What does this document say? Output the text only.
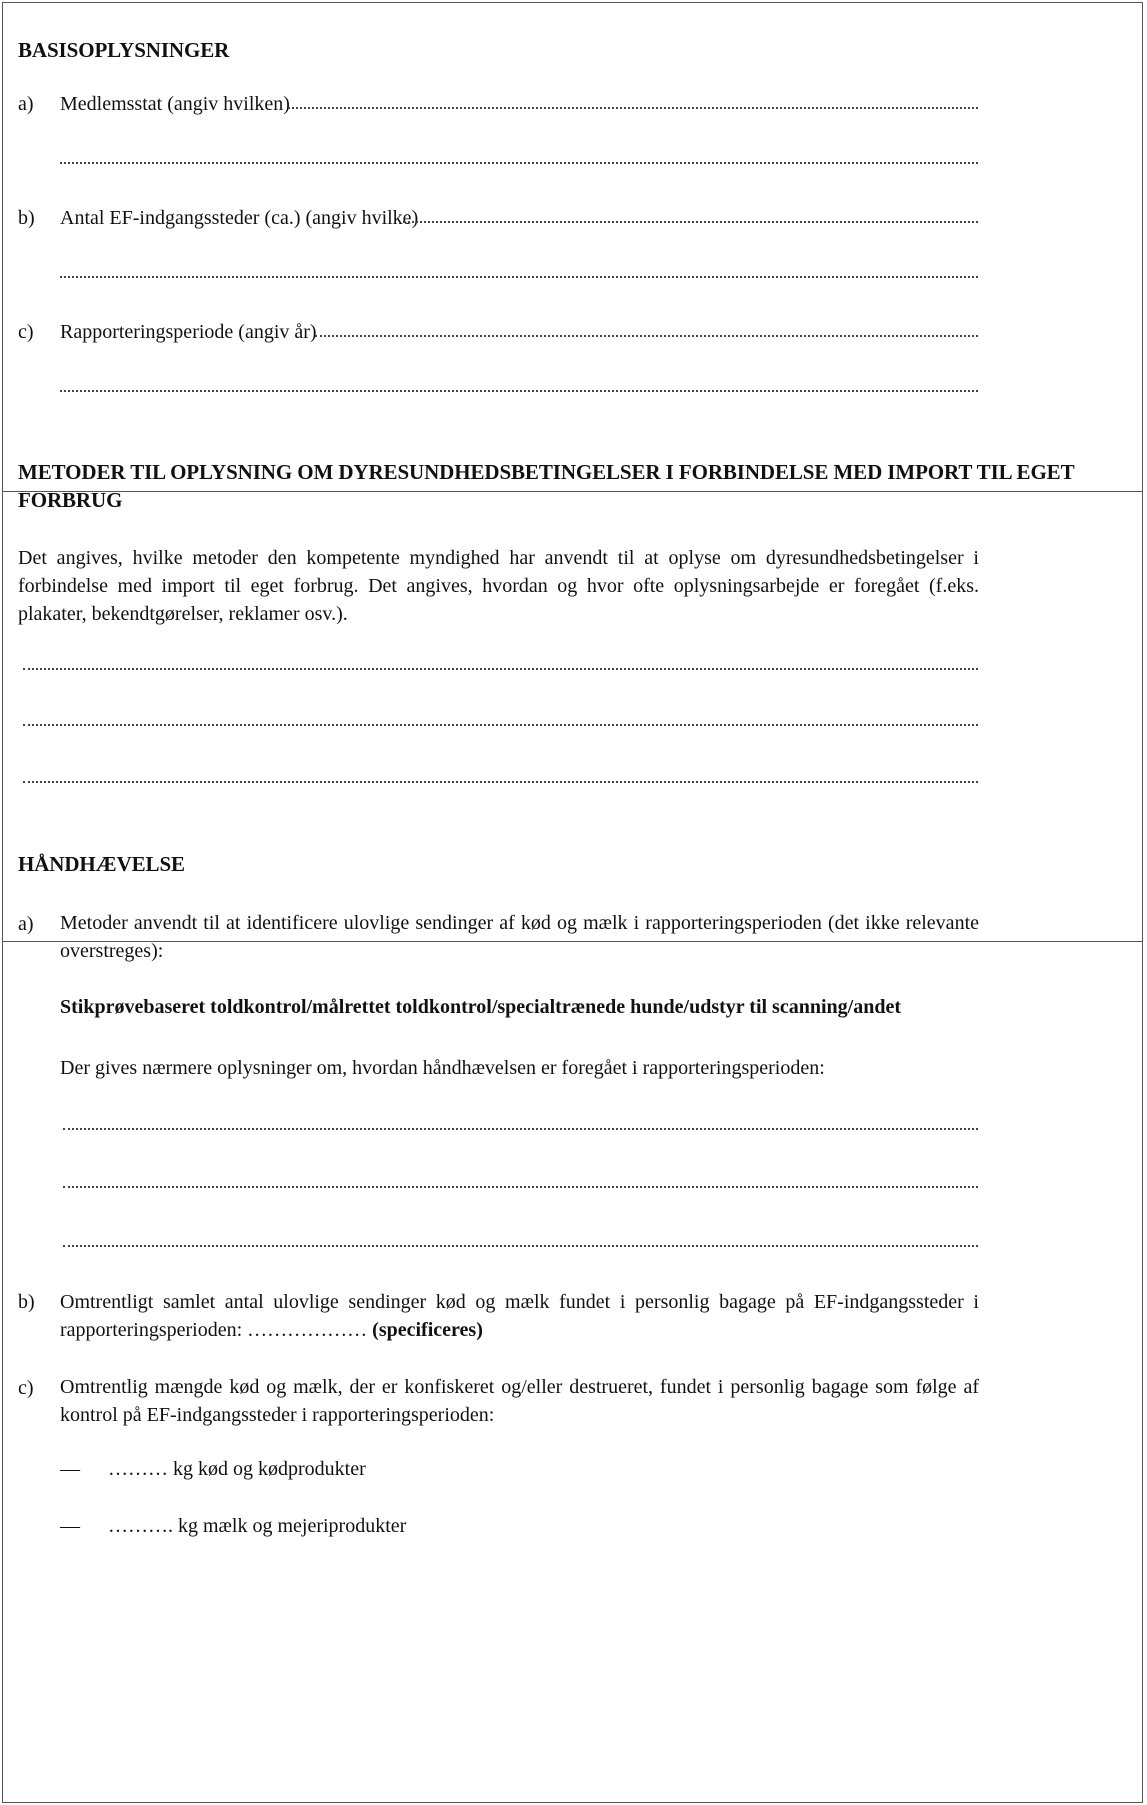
BASISOPLYSNINGER
a) Medlemsstat (angiv hvilken)
b) Antal EF-indgangssteder (ca.) (angiv hvilke)
c) Rapporteringsperiode (angiv år)
METODER TIL OPLYSNING OM DYRESUNDHEDSBETINGELSER I FORBINDELSE MED IMPORT TIL EGET
FORBRUG
Det angives, hvilke metoder den kompetente myndighed har anvendt til at oplyse om dyresundhedsbetingelser i forbindelse med import til eget forbrug. Det angives, hvordan og hvor ofte oplysningsarbejde er foregået (f.eks. plakater, bekendtgørelser, reklamer osv.).
HÅNDHÆVELSE
a) Metoder anvendt til at identificere ulovlige sendinger af kød og mælk i rapporteringsperioden (det ikke relevante overstreges):
Stikprøvebaseret toldkontrol/målrettet toldkontrol/specialtrænede hunde/udstyr til scanning/andet
Der gives nærmere oplysninger om, hvordan håndhævelsen er foregået i rapporteringsperioden:
b) Omtrentligt samlet antal ulovlige sendinger kød og mælk fundet i personlig bagage på EF-indgangssteder i
rapporteringsperioden: ……………… (specificeres)
c) Omtrentlig mængde kød og mælk, der er konfiskeret og/eller destrueret, fundet i personlig bagage som følge af kontrol på EF-indgangssteder i rapporteringsperioden:
— ……… kg kød og kødprodukter
— ………. kg mælk og mejeriprodukter
